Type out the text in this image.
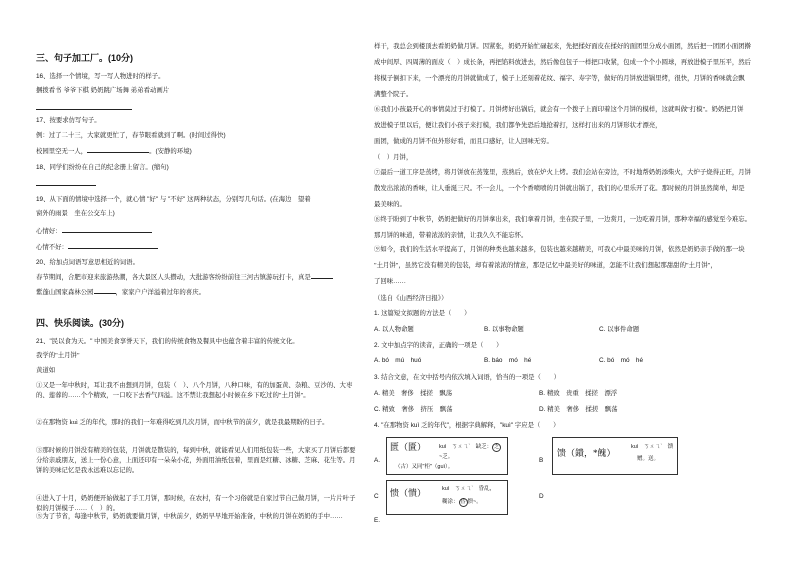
三、句子加工厂。(10分)
16、选择一个情境，写一写人物进时的样子。
捆拨看书 爷爷下棋 奶奶跳广场舞 弟弟看动画片
17、按要求仿写句子。
例：过了二十三，大家就更忙了，春节眼看就到了啊。(时间过得快)
校园里空无一人，	。(安静的环境)
18、同学们纷纷在自己的纪念册上留言。(缩句)
19、从下面的情境中选择一个，就心情 "好" 与 "不好" 这两种状态，分别写几句话。(在海边　望着
窗外的雨景　坐在公交车上)
心情好：
心情不好：
20、给加点词语写意思相近的词语。
春节期间，合肥市迎来旅游热潮，各大景区人头攒动，大批游客纷纷前往三河古镇游玩打卡，真是
紫蓬山国家森林公园	，家家户户洋溢着过年的喜庆。
四、快乐阅读。(30分)
21、"民以食为天。" 中国美食享誉天下，我们的传统食物及餐具中也蕴含着丰富的传统文化。
我学的"土月饼"
黄道如
①又是一年中秋时，耳让我不由想到月饼，包装（　）、八个月饼，八种口味，有的加蛋黄、杂粮、豆沙的、大枣的、莲蓉的……个个精致，一口咬下去香气四溢。这不禁让我想起小时候在乡下吃过的"土月饼"。
②在那物资 kuì 乏的年代，那时的我们一年难得吃到几次月饼，而中秋节的前夕，就是我最期盼的日子。
③那时候的月饼没有精美的包装，月饼就是散装的，每到中秋，就能看见人们用纸包装一些，大家买了月饼后都要分给亲戚朋友，送上一份心意，上面还印有一朵朵小花，外面用油纸包着，里面是红糖、冰糖、芝麻、花生等。月饼的美味记忆是我永远难以忘记的。
④进入了十月，奶奶便开始做起了手工月饼，那时候，在农村，有一个习俗就是自家过节自己做月饼，一片片叶子似的月饼模子……（　）的。
⑤为了节省，每逢中秋节，奶奶就要做月饼，中秋前夕，奶奶早早地开始准备，中秋的月饼在奶奶的手中……
样干，我总会到楼顶去看奶奶做月饼。因紧张，奶奶开始忙碌起来，先把揉好面皮在揉好的面团里分成小面团，然后把一团团小面团擀
成中间厚、四周薄的面皮（　）成长条，再把馅料放进去，然后像包包子一样把口收紧，包成一个个小圆球，再放进模子里压平，然后
将模子倒扣下来，一个漂亮的月饼就做成了，模子上还刻着花纹、福字、寿字等，做好的月饼放进锅里烤，很快，月饼的香味就会飘
满整个院子。
⑥我们小孩最开心的事情莫过于打模了。月饼烤好出锅后，就会有一个拨子上面印着这个月饼的模样，这就叫做"打模"。奶奶把月饼
放进模子里以后，便让我们小孩子来打模，我们都争先恐后地抢着打，这样打出来的月饼形状才漂亮，
面团，做成的月饼不但外形好看，而且口感好，让人回味无穷。
（　）月饼，
⑦最后一道工序是蒸烤，将月饼放在蒸笼里，蒸熟后，放在炉火上烤。我们会站在旁边，不时地帮奶奶添柴火，大炉子烧得正旺，月饼
散发出浓浓的香味，让人垂涎三尺。不一会儿，一个个香喷喷的月饼就出锅了，我们的心里乐开了花。那时候的月饼虽然简单，却是
最美味的。
⑧终于盼到了中秋节，奶奶把做好的月饼拿出来，我们拿着月饼，坐在院子里，一边赏月，一边吃着月饼，那种幸福的感觉至今难忘。
那月饼的味道，带着浓浓的亲情，让我久久不能忘怀。
⑨如今，我们的生活水平提高了，月饼的种类也越来越多，包装也越来越精美，可我心中最美味的月饼，依然是奶奶亲手做的那一块
"土月饼"，虽然它没有精美的包装，却有着浓浓的情意，那是记忆中最美好的味道，怎能不让我们想起那甜甜的"土月饼"，
了回味……
（选自《山西经济日报》）
1. 这篇短文拟题的方法是（　　）
A. 以人物命题	B. 以事物命题	C. 以事件命题
2. 文中加点字的读音，正确的一项是（　　）
A. bó　mú　huó	B. báo　mó　hé	C. bó　mó　hé
3. 结合文意，在文中括号内依次填入词语，恰当的一项是（　　）
A. 精美　奢侈　揉搓　飘荡	B. 精致　贵重　揉搓　漂浮
C. 精致　奢侈　挤压　飘荡	D. 精美　奢侈　揉搓　飘荡
4. "在那物资 kuì 乏的年代"，根据字典解释，"kuì" 字应是（　　）
A.
匮（匱） kuì　ㄎㄨㄟˋ　缺乏： 乏
~乏。
（古）又同"柜"（guì）。
B
馈（鐀，*餽）
kuì　ㄎㄨㄟˋ　馈
赠。送。
C 愦（憒）	kuì　ㄎㄨㄟˋ　昏乱，
糊涂： 昏 愦~。
D
E.
